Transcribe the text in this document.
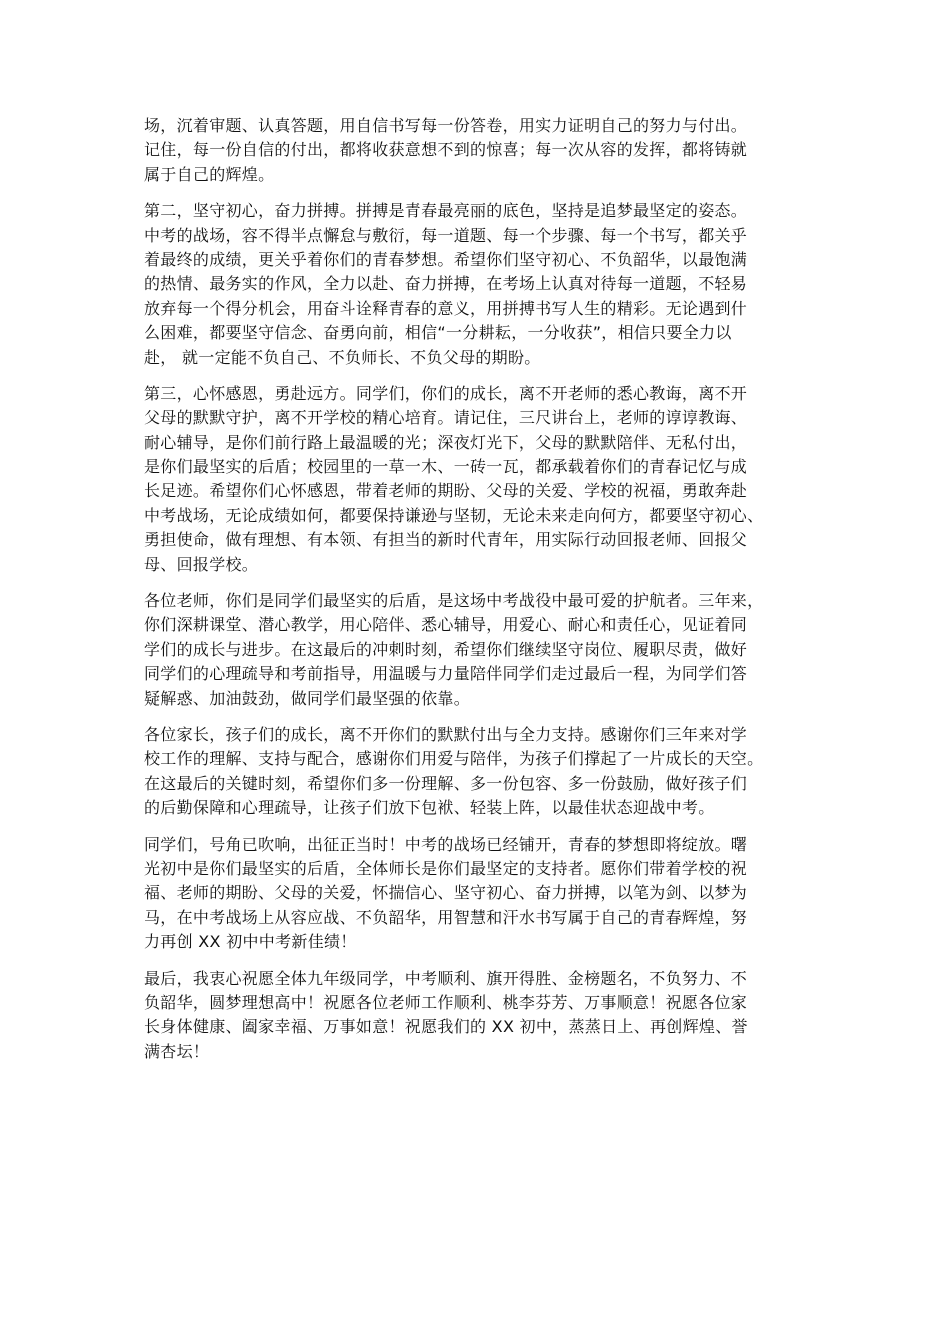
场，沉着审题、认真答题，用自信书写每一份答卷，用实力证明自己的努力与付出。
记住，每一份自信的付出，都将收获意想不到的惊喜；每一次从容的发挥，都将铸就
属于自己的辉煌。
第二，坚守初心，奋力拼搏。拼搏是青春最亮丽的底色，坚持是追梦最坚定的姿态。
中考的战场，容不得半点懈怠与敷衍，每一道题、每一个步骤、每一个书写，都关乎
着最终的成绩，更关乎着你们的青春梦想。希望你们坚守初心、不负韶华，以最饱满
的热情、最务实的作风，全力以赴、奋力拼搏，在考场上认真对待每一道题，不轻易
放弃每一个得分机会，用奋斗诠释青春的意义，用拼搏书写人生的精彩。无论遇到什
么困难，都要坚守信念、奋勇向前，相信“一分耕耘，一分收获”，相信只要全力以
赴， 就一定能不负自己、不负师长、不负父母的期盼。
第三，心怀感恩，勇赴远方。同学们，你们的成长，离不开老师的悉心教诲，离不开
父母的默默守护，离不开学校的精心培育。请记住，三尺讲台上，老师的谆谆教诲、
耐心辅导，是你们前行路上最温暖的光；深夜灯光下，父母的默默陪伴、无私付出，
是你们最坚实的后盾；校园里的一草一木、一砖一瓦，都承载着你们的青春记忆与成
长足迹。希望你们心怀感恩，带着老师的期盼、父母的关爱、学校的祝福，勇敢奔赴
中考战场，无论成绩如何，都要保持谦逊与坚韧，无论未来走向何方，都要坚守初心、
勇担使命，做有理想、有本领、有担当的新时代青年，用实际行动回报老师、回报父
母、回报学校。
各位老师，你们是同学们最坚实的后盾，是这场中考战役中最可爱的护航者。三年来，
你们深耕课堂、潜心教学，用心陪伴、悉心辅导，用爱心、耐心和责任心，见证着同
学们的成长与进步。在这最后的冲刺时刻，希望你们继续坚守岗位、履职尽责，做好
同学们的心理疏导和考前指导，用温暖与力量陪伴同学们走过最后一程，为同学们答
疑解惑、加油鼓劲，做同学们最坚强的依靠。
各位家长，孩子们的成长，离不开你们的默默付出与全力支持。感谢你们三年来对学
校工作的理解、支持与配合，感谢你们用爱与陪伴，为孩子们撑起了一片成长的天空。
在这最后的关键时刻，希望你们多一份理解、多一份包容、多一份鼓励，做好孩子们
的后勤保障和心理疏导，让孩子们放下包袱、轻装上阵，以最佳状态迎战中考。
同学们，号角已吹响，出征正当时！中考的战场已经铺开，青春的梦想即将绽放。曙
光初中是你们最坚实的后盾，全体师长是你们最坚定的支持者。愿你们带着学校的祝
福、老师的期盼、父母的关爱，怀揣信心、坚守初心、奋力拼搏，以笔为剑、以梦为
马，在中考战场上从容应战、不负韶华，用智慧和汗水书写属于自己的青春辉煌，努
力再创 XX 初中中考新佳绩！
最后，我衷心祝愿全体九年级同学，中考顺利、旗开得胜、金榜题名，不负努力、不
负韶华，圆梦理想高中！祝愿各位老师工作顺利、桃李芬芳、万事顺意！祝愿各位家
长身体健康、阖家幸福、万事如意！祝愿我们的 XX 初中，蒸蒸日上、再创辉煌、誉
满杏坛！
